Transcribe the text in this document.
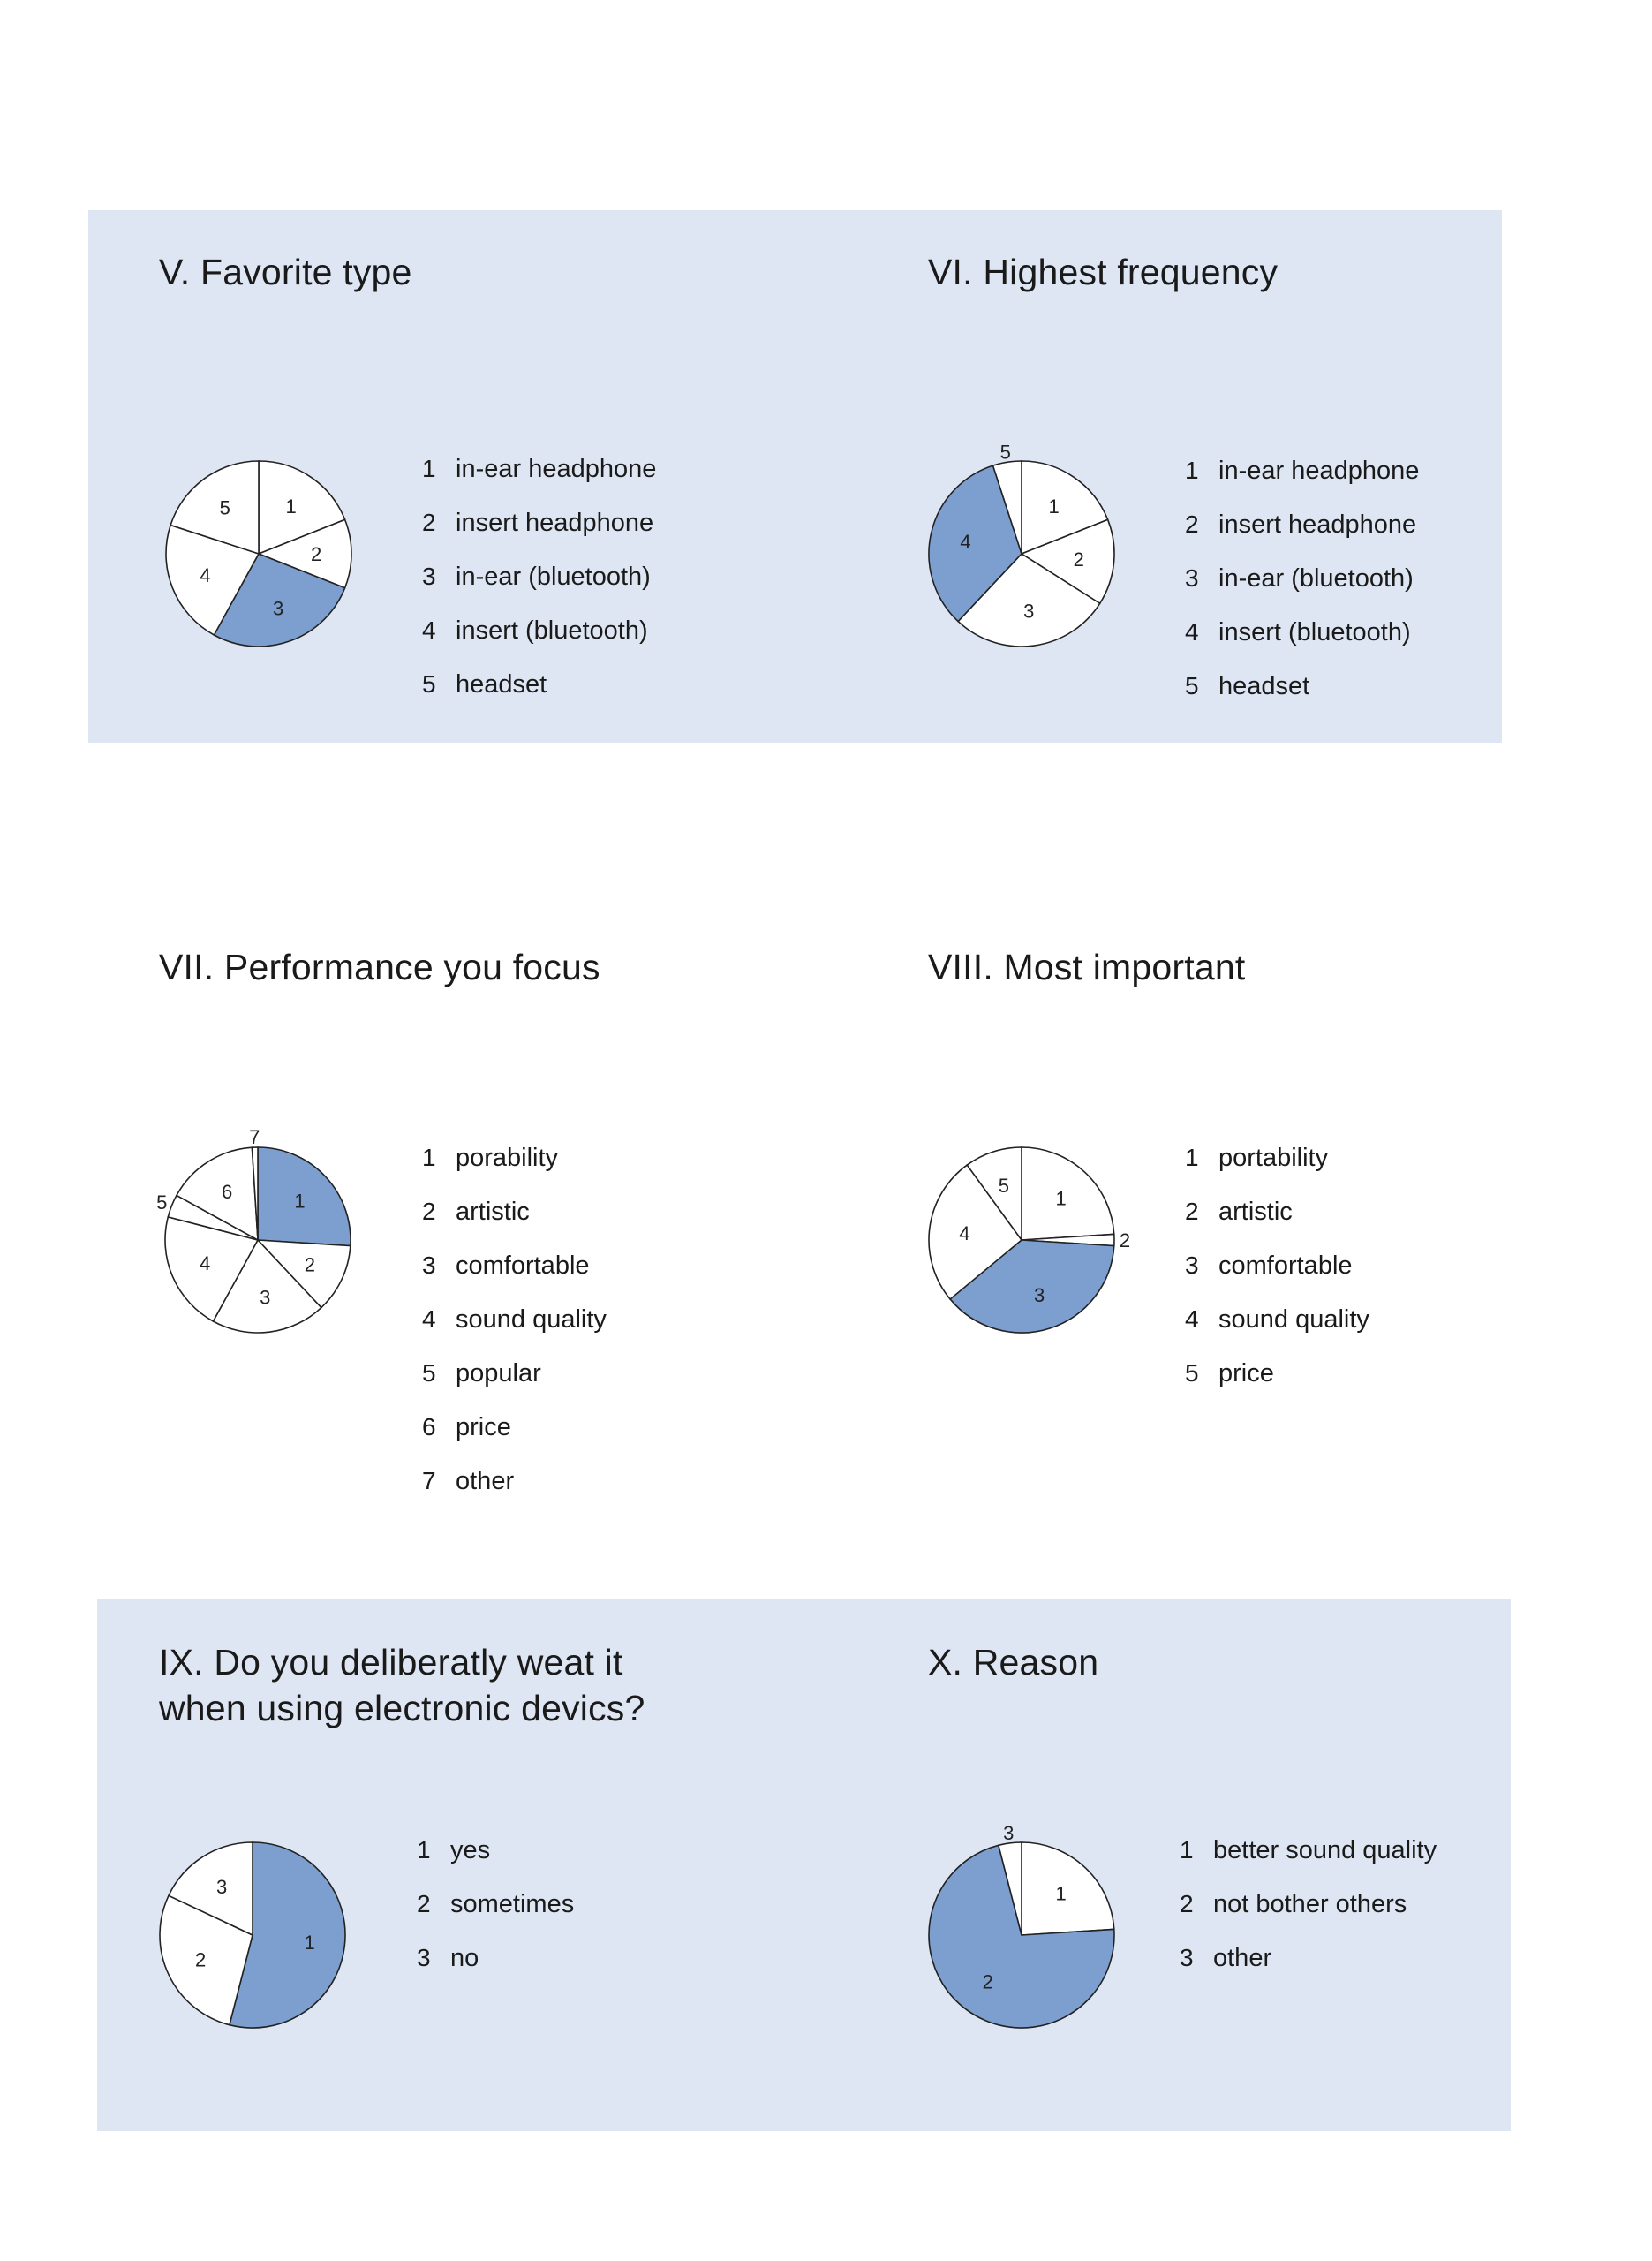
V. Favorite type
1
2
3
4
5
1 in-ear headphone
2 insert headphone
3 in-ear (bluetooth)
4 insert (bluetooth)
5 headset
VI. Highest frequency
1
2
3
4
5
1 in-ear headphone
2 insert headphone
3 in-ear (bluetooth)
4 insert (bluetooth)
5 headset
VII. Performance you focus
1
2
3
4
5	6
7
1 porability
2 artistic
3 comfortable
4 sound quality
5 popular
6 price
7 other
VIII. Most important
1
2
3
4
5
1 portability
2 artistic
3 comfortable
4 sound quality
5 price
IX. Do you deliberatly weat it
when using electronic devics?
1
2
3
1 yes
2 sometimes
3 no
X. Reason
1
2
3
1 better sound quality
2 not bother others
3 other
